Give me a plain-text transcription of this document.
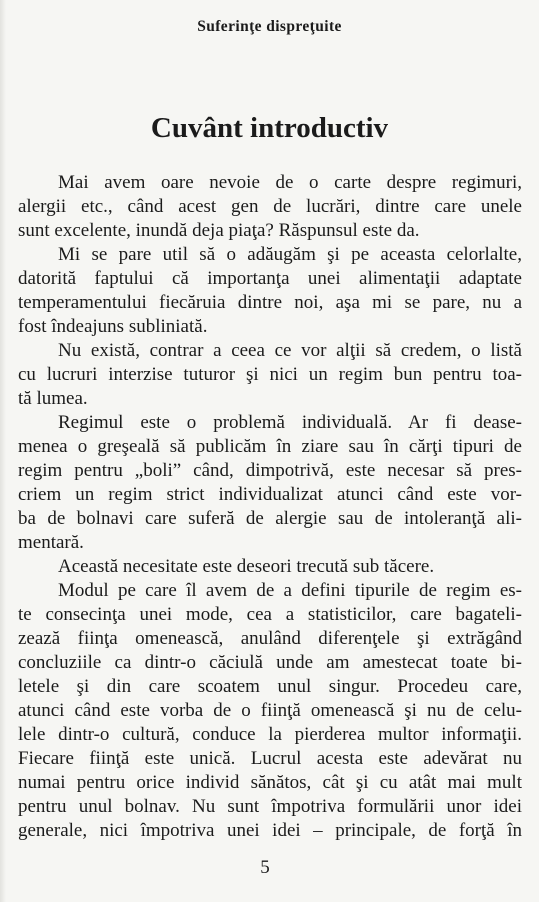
Suferinţe dispreţuite
Cuvânt introductiv
Mai avem oare nevoie de o carte despre regimuri,
alergii etc., când acest gen de lucrări, dintre care unele
sunt excelente, inundă deja piaţa? Răspunsul este da.
Mi se pare util să o adăugăm şi pe aceasta celorlalte,
datorită faptului că importanţa unei alimentaţii adaptate
temperamentului fiecăruia dintre noi, aşa mi se pare, nu a
fost îndeajuns subliniată.
Nu există, contrar a ceea ce vor alţii să credem, o listă
cu lucruri interzise tuturor şi nici un regim bun pentru toa-
tă lumea.
Regimul este o problemă individuală. Ar fi dease-
menea o greşeală să publicăm în ziare sau în cărţi tipuri de
regim pentru „boli” când, dimpotrivă, este necesar să pres-
criem un regim strict individualizat atunci când este vor-
ba de bolnavi care suferă de alergie sau de intoleranţă ali-
mentară.
Această necesitate este deseori trecută sub tăcere.
Modul pe care îl avem de a defini tipurile de regim es-
te consecinţa unei mode, cea a statisticilor, care bagateli-
zează fiinţa omenească, anulând diferenţele şi extrăgând
concluziile ca dintr-o căciulă unde am amestecat toate bi-
letele şi din care scoatem unul singur. Procedeu care,
atunci când este vorba de o fiinţă omenească şi nu de celu-
lele dintr-o cultură, conduce la pierderea multor informaţii.
Fiecare fiinţă este unică. Lucrul acesta este adevărat nu
numai pentru orice individ sănătos, cât şi cu atât mai mult
pentru unul bolnav. Nu sunt împotriva formulării unor idei
generale, nici împotriva unei idei – principale, de forţă în
5
